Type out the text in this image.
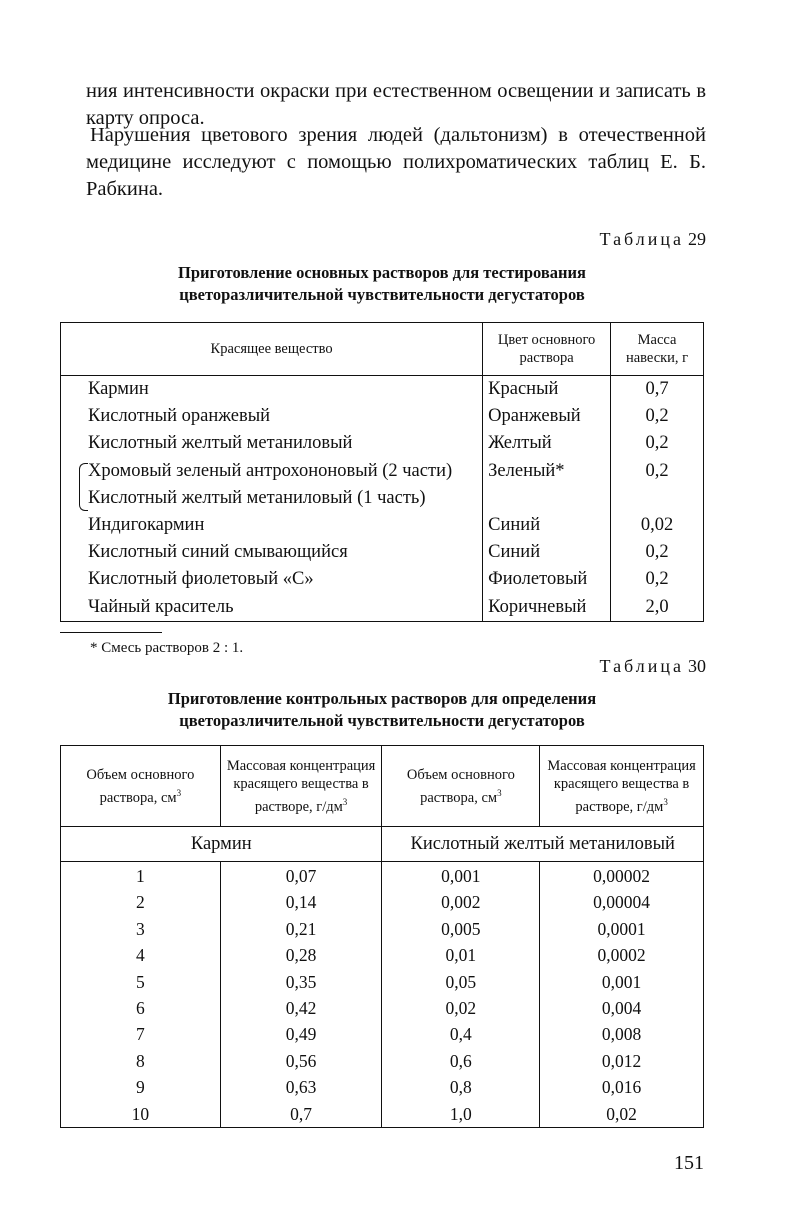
ния интенсивности окраски при естественном освещении и записать в карту опроса.

Нарушения цветового зрения людей (дальтонизм) в отечественной медицине исследуют с помощью полихроматических таблиц Е. Б. Рабкина.

Таблица 29
Приготовление основных растворов для тестирования
цветоразличительной чувствительности дегустаторов
Красящее вещество	Цвет основного раствора	Масса навески, г
Кармин	Красный	0,7
Кислотный оранжевый	Оранжевый	0,2
Кислотный желтый метаниловый	Желтый	0,2
Хромовый зеленый антрохононовый (2 части)	Зеленый*	0,2
Кислотный желтый метаниловый (1 часть)		
Индигокармин	Синий	0,02
Кислотный синий смывающийся	Синий	0,2
Кислотный фиолетовый «С»	Фиолетовый	0,2
Чайный краситель	Коричневый	2,0
* Смесь растворов 2 : 1.
Таблица 30
Приготовление контрольных растворов для определения
цветоразличительной чувствительности дегустаторов
Объем основного раствора, $см^3$	Массовая концентрация красящего вещества в растворе, $г/дм^3$	Объем основного раствора, $см^3$	Массовая концентрация красящего вещества в растворе, $г/дм^3$
Кармин		Кислотный желтый метаниловый	
1	0,07	0,001	0,00002
2	0,14	0,002	0,00004
3	0,21	0,005	0,0001
4	0,28	0,01	0,0002
5	0,35	0,05	0,001
6	0,42	0,02	0,004
7	0,49	0,4	0,008
8	0,56	0,6	0,012
9	0,63	0,8	0,016
10	0,7	1,0	0,02
151
